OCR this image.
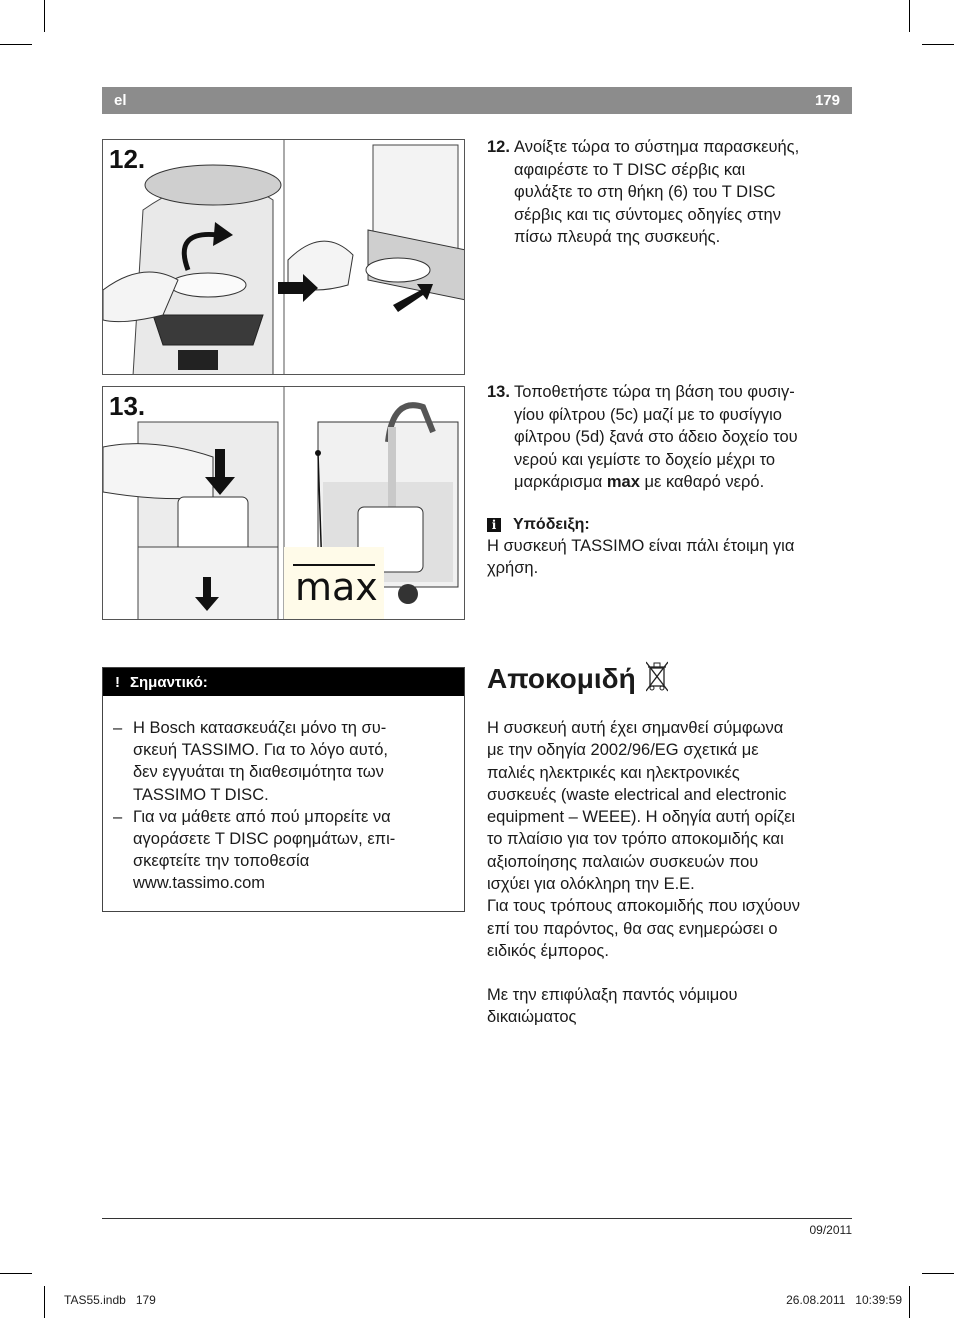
el	179
12.
13.
max
12. Ανοίξτε τώρα το σύστημα παρασκευής,
αφαιρέστε το T DISC σέρβις και
φυλάξτε το στη θήκη (6) του T DISC
σέρβις και τις σύντομες οδηγίες στην
πίσω πλευρά της συσκευής.
13. Τοποθετήστε τώρα τη βάση του φυσιγ-
γίου φίλτρου (5c) μαζί με το φυσίγγιο
φίλτρου (5d) ξανά στο άδειο δοχείο του
νερού και γεμίστε το δοχείο μέχρι το
μαρκάρισμα max με καθαρό νερό.
i Υπόδειξη:
Η συσκευή TASSIMO είναι πάλι έτοιμη για
χρήση.
! Σημαντικό:
– Η Bosch κατασκευάζει μόνο τη συ-
σκευή TASSIMO. Για το λόγο αυτό,
δεν εγγυάται τη διαθεσιμότητα των
TASSIMO T DISC.
– Για να μάθετε από πού μπορείτε να
αγοράσετε T DISC ροφημάτων, επι-
σκεφτείτε την τοποθεσία
www.tassimo.com
Αποκομιδή
Η συσκευή αυτή έχει σημανθεί σύμφωνα
με την οδηγία 2002/96/EG σχετικά με
παλιές ηλεκτρικές και ηλεκτρονικές
συσκευές (waste electrical and electronic
equipment – WEEE). Η οδηγία αυτή ορίζει
το πλαίσιο για τον τρόπο αποκομιδής και
αξιοποίησης παλαιών συσκευών που
ισχύει για ολόκληρη την Ε.Ε.
Για τους τρόπους αποκομιδής που ισχύουν
επί του παρόντος, θα σας ενημερώσει ο
ειδικός έμπορος.
Με την επιφύλαξη παντός νόμιμου
δικαιώματος
09/2011
TAS55.indb   179	26.08.2011   10:39:59
